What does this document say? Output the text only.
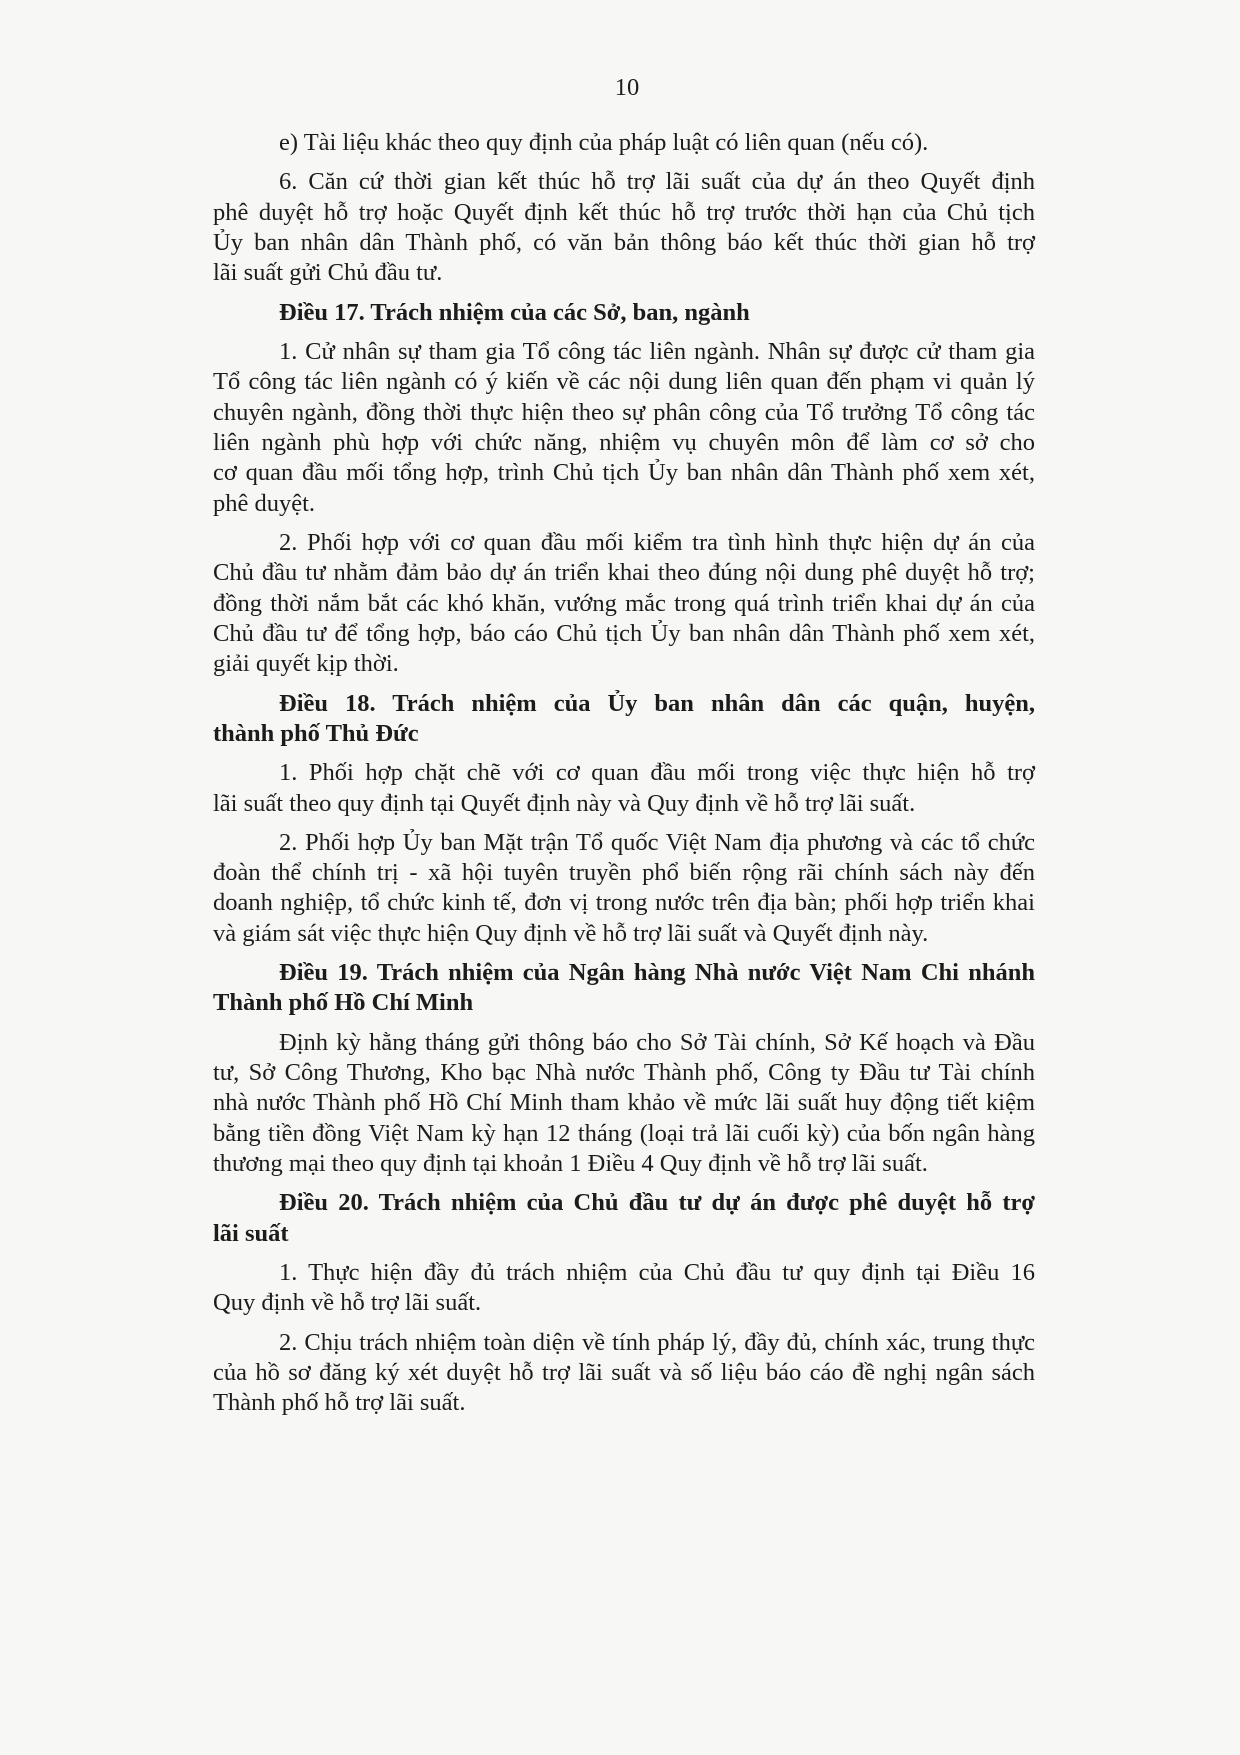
10
e) Tài liệu khác theo quy định của pháp luật có liên quan (nếu có).
6. Căn cứ thời gian kết thúc hỗ trợ lãi suất của dự án theo Quyết định
phê duyệt hỗ trợ hoặc Quyết định kết thúc hỗ trợ trước thời hạn của Chủ tịch
Ủy ban nhân dân Thành phố, có văn bản thông báo kết thúc thời gian hỗ trợ
lãi suất gửi Chủ đầu tư.
Điều 17. Trách nhiệm của các Sở, ban, ngành
1. Cử nhân sự tham gia Tổ công tác liên ngành. Nhân sự được cử tham gia
Tổ công tác liên ngành có ý kiến về các nội dung liên quan đến phạm vi quản lý
chuyên ngành, đồng thời thực hiện theo sự phân công của Tổ trưởng Tổ công tác
liên ngành phù hợp với chức năng, nhiệm vụ chuyên môn để làm cơ sở cho
cơ quan đầu mối tổng hợp, trình Chủ tịch Ủy ban nhân dân Thành phố xem xét,
phê duyệt.
2. Phối hợp với cơ quan đầu mối kiểm tra tình hình thực hiện dự án của
Chủ đầu tư nhằm đảm bảo dự án triển khai theo đúng nội dung phê duyệt hỗ trợ;
đồng thời nắm bắt các khó khăn, vướng mắc trong quá trình triển khai dự án của
Chủ đầu tư để tổng hợp, báo cáo Chủ tịch Ủy ban nhân dân Thành phố xem xét,
giải quyết kịp thời.
Điều 18. Trách nhiệm của Ủy ban nhân dân các quận, huyện,
thành phố Thủ Đức
1. Phối hợp chặt chẽ với cơ quan đầu mối trong việc thực hiện hỗ trợ
lãi suất theo quy định tại Quyết định này và Quy định về hỗ trợ lãi suất.
2. Phối hợp Ủy ban Mặt trận Tổ quốc Việt Nam địa phương và các tổ chức
đoàn thể chính trị - xã hội tuyên truyền phổ biến rộng rãi chính sách này đến
doanh nghiệp, tổ chức kinh tế, đơn vị trong nước trên địa bàn; phối hợp triển khai
và giám sát việc thực hiện Quy định về hỗ trợ lãi suất và Quyết định này.
Điều 19. Trách nhiệm của Ngân hàng Nhà nước Việt Nam Chi nhánh
Thành phố Hồ Chí Minh
Định kỳ hằng tháng gửi thông báo cho Sở Tài chính, Sở Kế hoạch và Đầu
tư, Sở Công Thương, Kho bạc Nhà nước Thành phố, Công ty Đầu tư Tài chính
nhà nước Thành phố Hồ Chí Minh tham khảo về mức lãi suất huy động tiết kiệm
bằng tiền đồng Việt Nam kỳ hạn 12 tháng (loại trả lãi cuối kỳ) của bốn ngân hàng
thương mại theo quy định tại khoản 1 Điều 4 Quy định về hỗ trợ lãi suất.
Điều 20. Trách nhiệm của Chủ đầu tư dự án được phê duyệt hỗ trợ
lãi suất
1. Thực hiện đầy đủ trách nhiệm của Chủ đầu tư quy định tại Điều 16
Quy định về hỗ trợ lãi suất.
2. Chịu trách nhiệm toàn diện về tính pháp lý, đầy đủ, chính xác, trung thực
của hồ sơ đăng ký xét duyệt hỗ trợ lãi suất và số liệu báo cáo đề nghị ngân sách
Thành phố hỗ trợ lãi suất.
